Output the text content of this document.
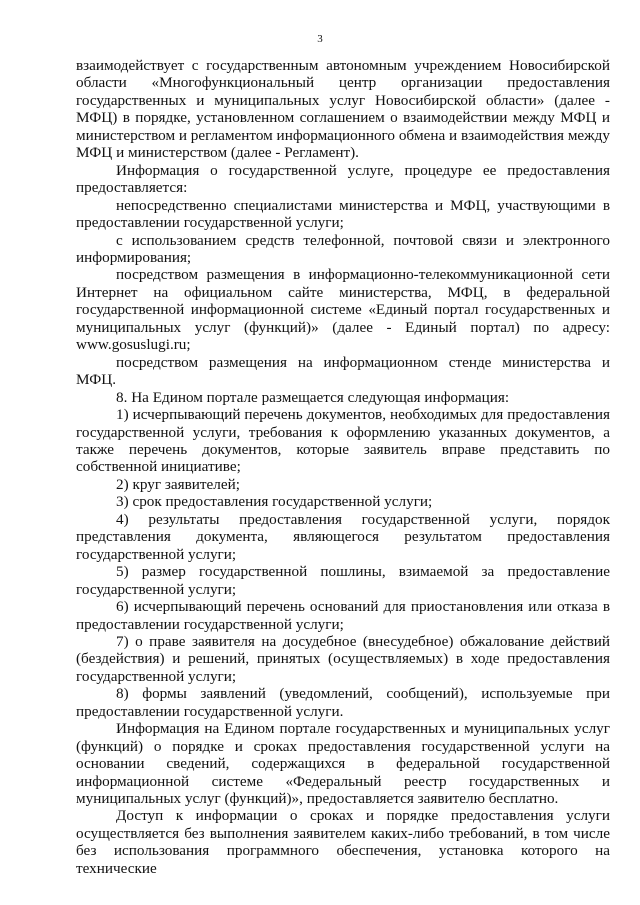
3

взаимодействует с государственным автономным учреждением Новосибирской области «Многофункциональный центр организации предоставления государственных и муниципальных услуг Новосибирской области» (далее - МФЦ) в порядке, установленном соглашением о взаимодействии между МФЦ и министерством и регламентом информационного обмена и взаимодействия между МФЦ и министерством (далее - Регламент).

Информация о государственной услуге, процедуре ее предоставления предоставляется:

непосредственно специалистами министерства и МФЦ, участвующими в предоставлении государственной услуги;

с использованием средств телефонной, почтовой связи и электронного информирования;

посредством размещения в информационно-телекоммуникационной сети Интернет на официальном сайте министерства, МФЦ, в федеральной государственной информационной системе «Единый портал государственных и муниципальных услуг (функций)» (далее - Единый портал) по адресу: www.gosuslugi.ru;

посредством размещения на информационном стенде министерства и МФЦ.

8. На Едином портале размещается следующая информация:

1) исчерпывающий перечень документов, необходимых для предоставления государственной услуги, требования к оформлению указанных документов, а также перечень документов, которые заявитель вправе представить по собственной инициативе;

2) круг заявителей;

3) срок предоставления государственной услуги;

4) результаты предоставления государственной услуги, порядок представления документа, являющегося результатом предоставления государственной услуги;

5) размер государственной пошлины, взимаемой за предоставление государственной услуги;

6) исчерпывающий перечень оснований для приостановления или отказа в предоставлении государственной услуги;

7) о праве заявителя на досудебное (внесудебное) обжалование действий (бездействия) и решений, принятых (осуществляемых) в ходе предоставления государственной услуги;

8) формы заявлений (уведомлений, сообщений), используемые при предоставлении государственной услуги.

Информация на Едином портале государственных и муниципальных услуг (функций) о порядке и сроках предоставления государственной услуги на основании сведений, содержащихся в федеральной государственной информационной системе «Федеральный реестр государственных и муниципальных услуг (функций)», предоставляется заявителю бесплатно.

Доступ к информации о сроках и порядке предоставления услуги осуществляется без выполнения заявителем каких-либо требований, в том числе без использования программного обеспечения, установка которого на технические
